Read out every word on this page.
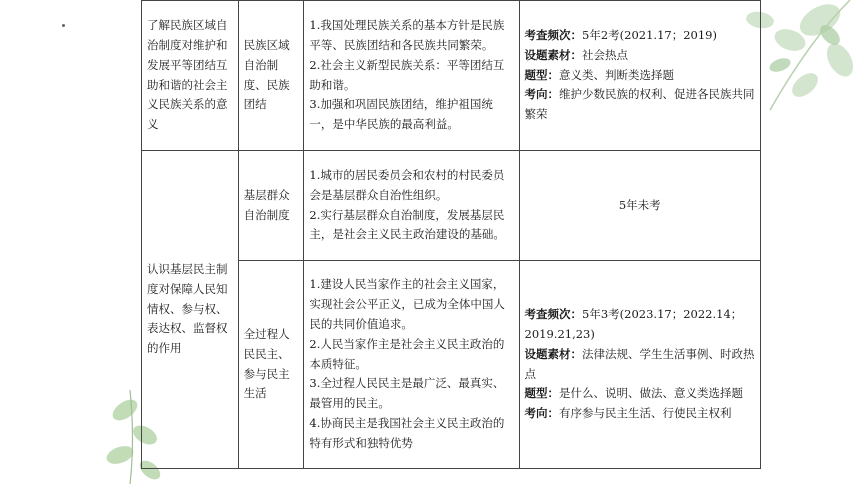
了解民族区域自治制度对维护和发展平等团结互助和谐的社会主义民族关系的意义	民族区域自治制度、民族团结	1.我国处理民族关系的基本方针是民族平等、民族团结和各民族共同繁荣。
2.社会主义新型民族关系：平等团结互助和谐。
3.加强和巩固民族团结，维护祖国统一，是中华民族的最高利益。	考查频次：5年2考(2021.17；2019)
设题素材：社会热点
题型：意义类、判断类选择题
考向：维护少数民族的权利、促进各民族共同繁荣

认识基层民主制度对保障人民知情权、参与权、表达权、监督权的作用	基层群众自治制度	1.城市的居民委员会和农村的村民委员会是基层群众自治性组织。
2.实行基层群众自治制度，发展基层民主，是社会主义民主政治建设的基础。	5年未考

	全过程人民民主、参与民主生活	1.建设人民当家作主的社会主义国家，实现社会公平正义，已成为全体中国人民的共同价值追求。
2.人民当家作主是社会主义民主政治的本质特征。
3.全过程人民民主是最广泛、最真实、最管用的民主。
4.协商民主是我国社会主义民主政治的特有形式和独特优势	考查频次：5年3考(2023.17；2022.14；2019.21,23)
设题素材：法律法规、学生生活事例、时政热点
题型：是什么、说明、做法、意义类选择题
考向：有序参与民主生活、行使民主权利
